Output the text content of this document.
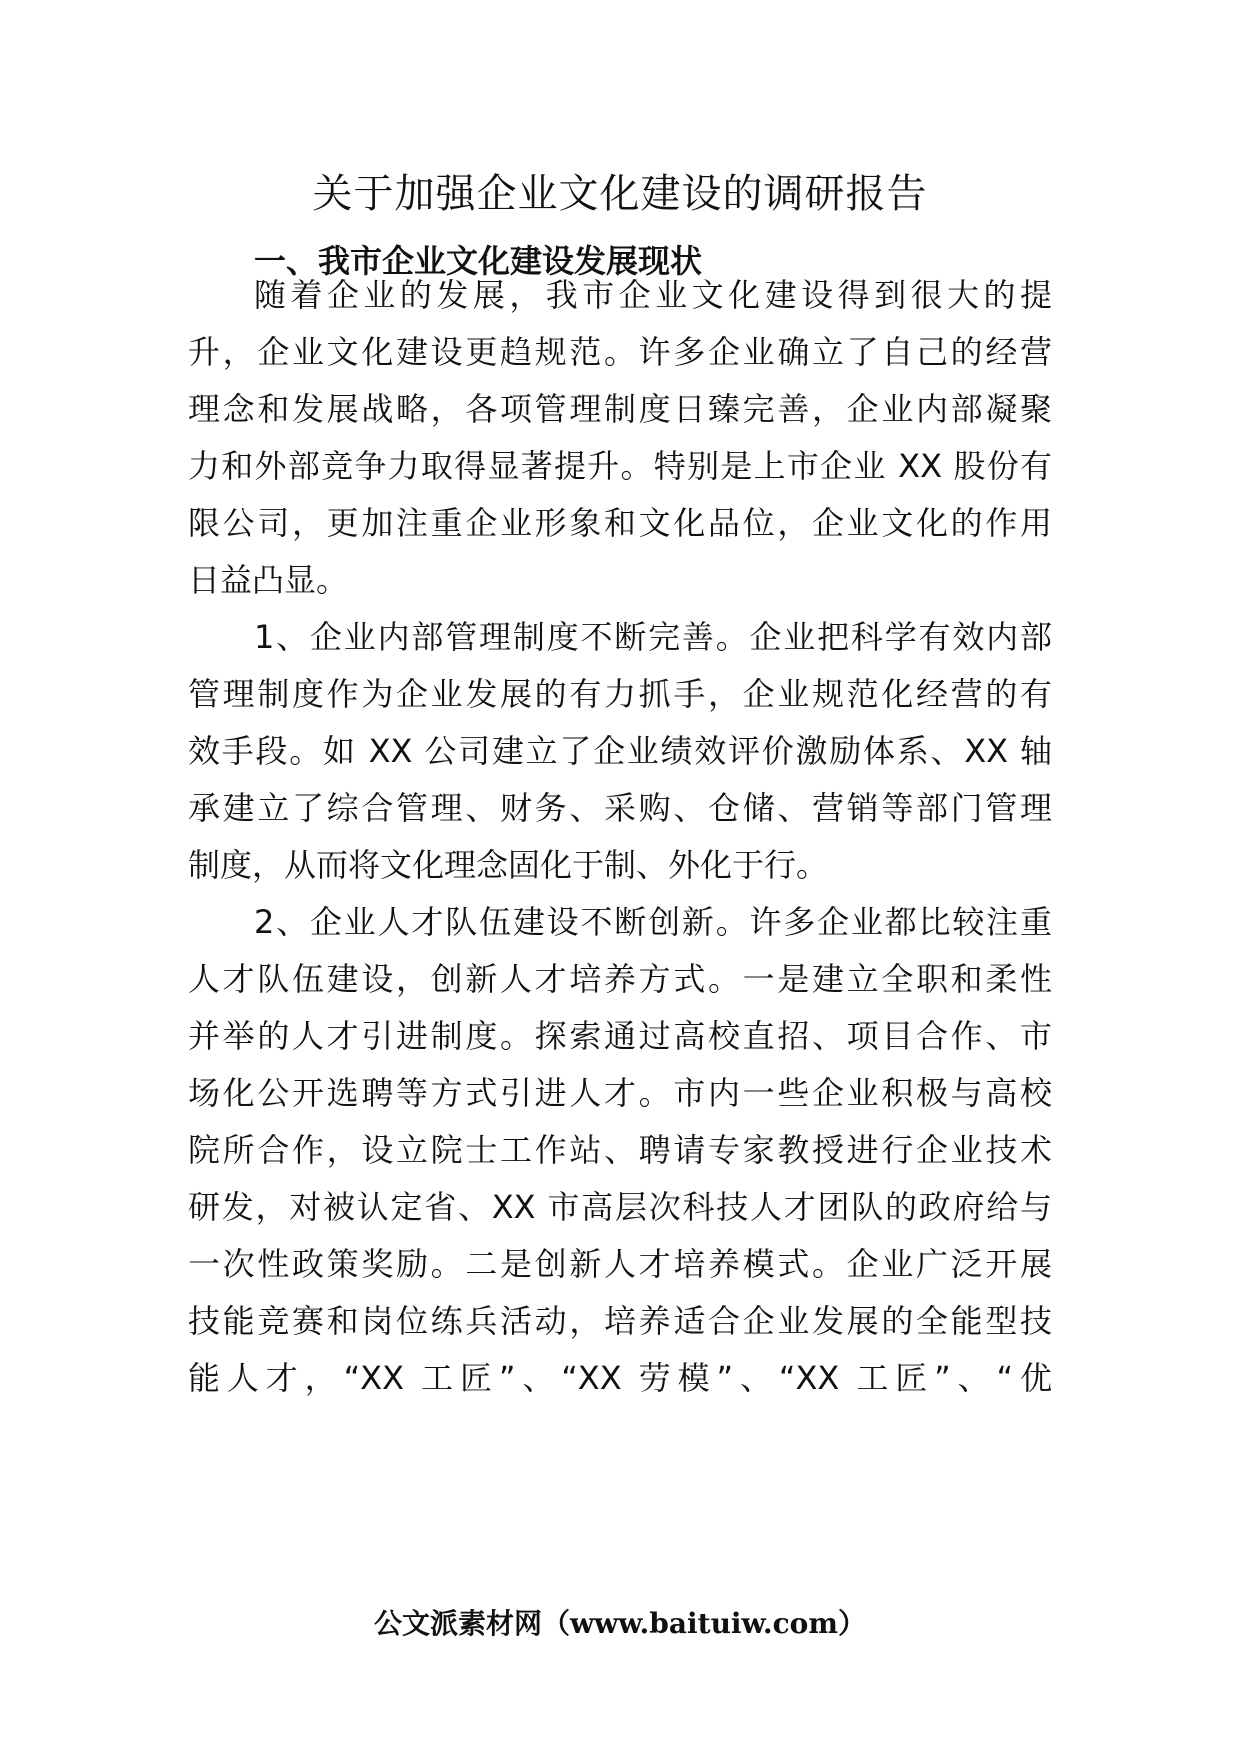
关于加强企业文化建设的调研报告
一、我市企业文化建设发展现状

随着企业的发展，我市企业文化建设得到很大的提

升，企业文化建设更趋规范。许多企业确立了自己的经营

理念和发展战略，各项管理制度日臻完善，企业内部凝聚

力和外部竞争力取得显著提升。特别是上市企业 XX 股份有

限公司，更加注重企业形象和文化品位，企业文化的作用

日益凸显。

1、企业内部管理制度不断完善。企业把科学有效内部

管理制度作为企业发展的有力抓手，企业规范化经营的有

效手段。如 XX 公司建立了企业绩效评价激励体系、XX 轴

承建立了综合管理、财务、采购、仓储、营销等部门管理

制度，从而将文化理念固化于制、外化于行。

2、企业人才队伍建设不断创新。许多企业都比较注重

人才队伍建设，创新人才培养方式。一是建立全职和柔性

并举的人才引进制度。探索通过高校直招、项目合作、市

场化公开选聘等方式引进人才。市内一些企业积极与高校

院所合作，设立院士工作站、聘请专家教授进行企业技术

研发，对被认定省、XX 市高层次科技人才团队的政府给与

一次性政策奖励。二是创新人才培养模式。企业广泛开展

技能竞赛和岗位练兵活动，培养适合企业发展的全能型技

能人才，“XX 工匠”、“XX 劳模”、“XX 工匠”、“优

公文派素材网（www.baituiw.com）
